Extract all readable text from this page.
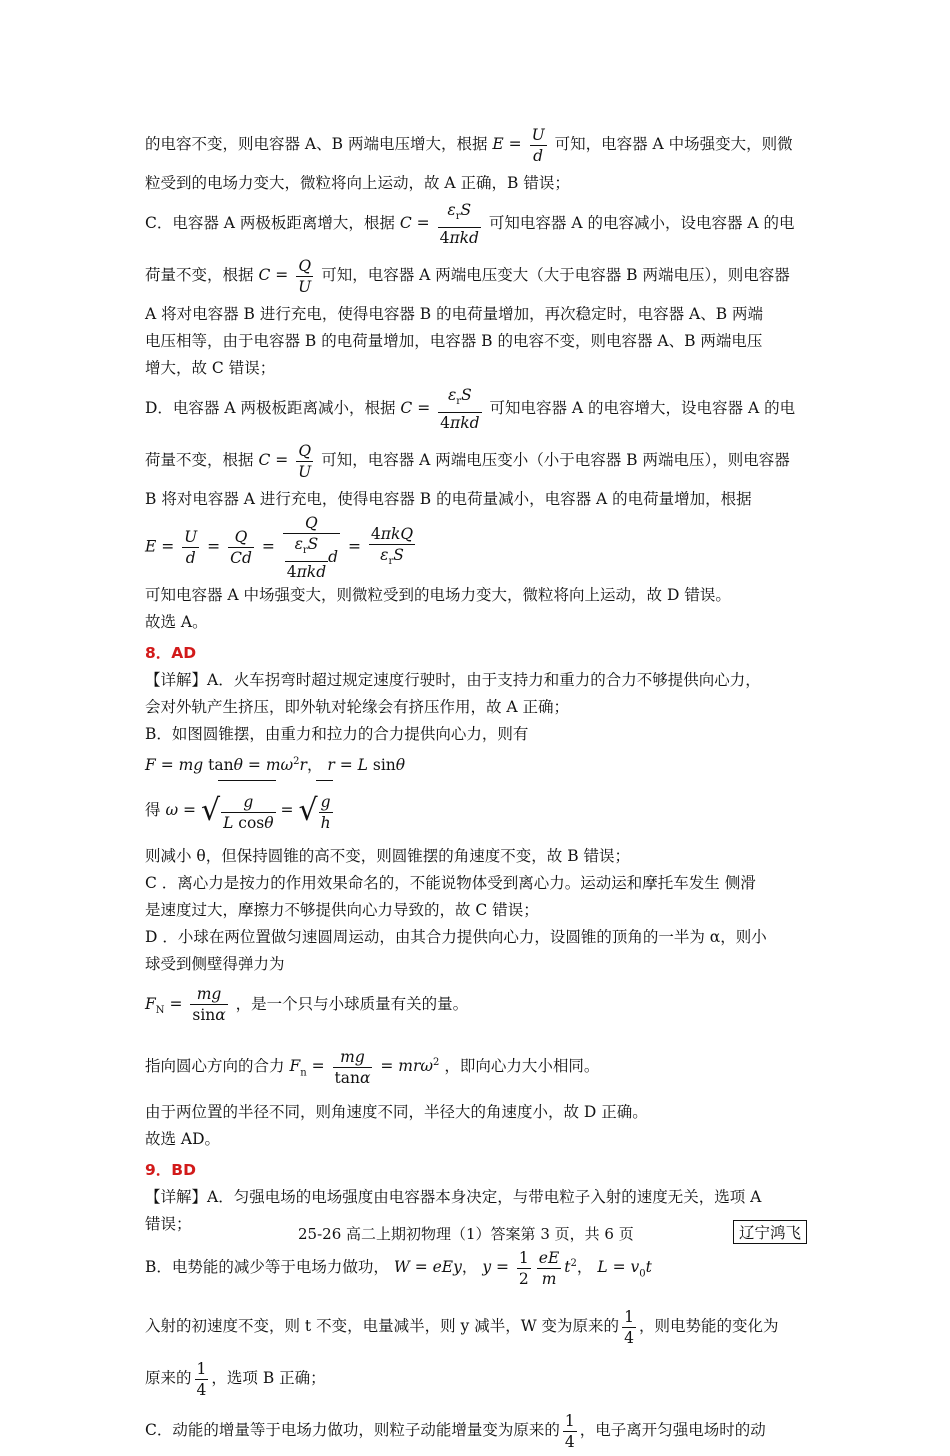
的电容不变，则电容器 A、B 两端电压增大，根据 $E = \frac{U}{d}$ 可知，电容器 A 中场强变大，则微
粒受到的电场力变大，微粒将向上运动，故 A 正确，B 错误；
C．电容器 A 两极板距离增大，根据 $C = \frac{\varepsilon_rS}{\text{4πkd}}$ 可知电容器 A 的电容减小，设电容器 A 的电
荷量不变，根据 $C = \frac{Q}{U}$ 可知，电容器 A 两端电压变大（大于电容器 B 两端电压），则电容器
A 将对电容器 B 进行充电，使得电容器 B 的电荷量增加，再次稳定时，电容器 A、B 两端
电压相等，由于电容器 B 的电荷量增加，电容器 B 的电容不变，则电容器 A、B 两端电压
增大，故 C 错误；
D．电容器 A 两极板距离减小，根据 $C = \frac{\varepsilon_rS}{\text{4πkd}}$ 可知电容器 A 的电容增大，设电容器 A 的电
荷量不变，根据 $C = \frac{Q}{U}$ 可知，电容器 A 两端电压变小（小于电容器 B 两端电压），则电容器
B 将对电容器 A 进行充电，使得电容器 B 的电荷量减小，电容器 A 的电荷量增加，根据
$E = \frac{U}{d} = \frac{Q}{Cd} = \frac{Q}{\frac{\varepsilon_rS}{\text{4πkd}} d} = \frac{\text{4πkQ}}{\varepsilon_rS}$
可知电容器 A 中场强变大，则微粒受到的电场力变大，微粒将向上运动，故 D 错误。
故选 A。
8．AD
【详解】A．火车拐弯时超过规定速度行驶时，由于支持力和重力的合力不够提供向心力，
会对外轨产生挤压，即外轨对轮缘会有挤压作用，故 A 正确；
B．如图圆锥摆，由重力和拉力的合力提供向心力，则有
F = mg $\tan\theta = m\omega^2r$， r = L sinθ
得 ω = √ $\frac{g}{\text{L cosθ}}$ = √ $\frac{g}{h}$
则减小 θ，但保持圆锥的高不变，则圆锥摆的角速度不变，故 B 错误；
C ．离心力是按力的作用效果命名的，不能说物体受到离心力。运动运和摩托车发生 侧滑
是速度过大，摩擦力不够提供向心力导致的，故 C 错误；
D ．小球在两位置做匀速圆周运动，由其合力提供向心力，设圆锥的顶角的一半为 α，则小
球受到侧壁得弹力为
$F_N = \frac{mg}{\sin\alpha}$ ，是一个只与小球质量有关的量。
指向圆心方向的合力 $F_n = \frac{mg}{\tan\alpha} = mr\omega^2$ ，即向心力大小相同。
由于两位置的半径不同，则角速度不同，半径大的角速度小，故 D 正确。
故选 AD。
9．BD
【详解】A．匀强电场的电场强度由电容器本身决定，与带电粒子入射的速度无关，选项 A
错误；
B．电势能的减少等于电场力做功， W = eEy， $y = \frac{1}{2} \frac{eE}{m} t^2$， $L = v_0t$
入射的初速度不变，则 t 不变，电量减半，则 y 减半，W 变为原来的 $\frac{1}{4}$ ，则电势能的变化为
原来的 $\frac{1}{4}$ ，选项 B 正确；
C．动能的增量等于电场力做功，则粒子动能增量变为原来的 $\frac{1}{4}$ ，电子离开匀强电场时的动
25-26 高二上期初物理（1）答案第 3 页，共 6 页	辽宁鸿飞
